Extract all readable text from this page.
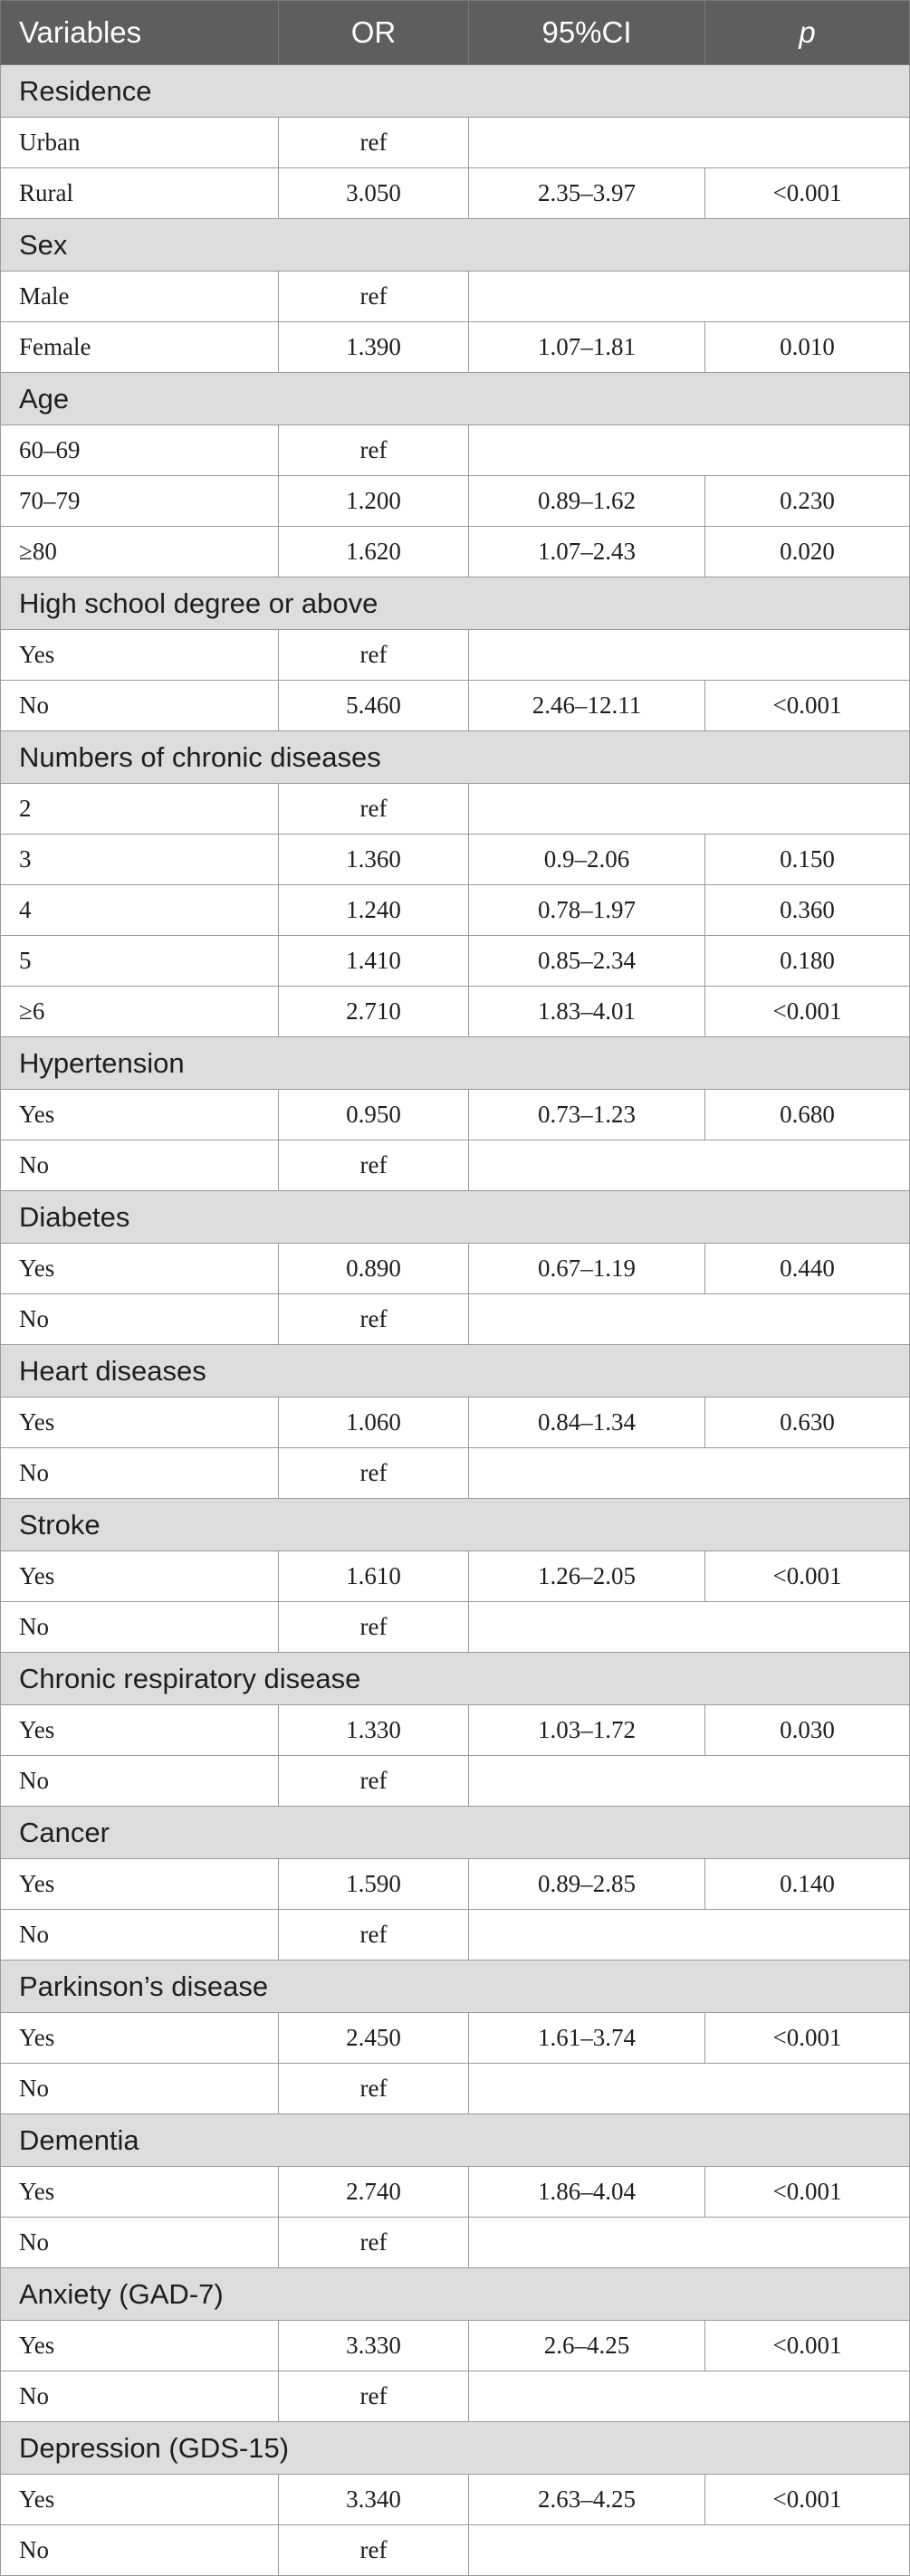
Variables	OR	95%CI	p
Residence			
Urban	ref		
Rural	3.050	2.35–3.97	<0.001
Sex			
Male	ref		
Female	1.390	1.07–1.81	0.010
Age			
60–69	ref		
70–79	1.200	0.89–1.62	0.230
≥80	1.620	1.07–2.43	0.020
High school degree or above			
Yes	ref		
No	5.460	2.46–12.11	<0.001
Numbers of chronic diseases			
2	ref		
3	1.360	0.9–2.06	0.150
4	1.240	0.78–1.97	0.360
5	1.410	0.85–2.34	0.180
≥6	2.710	1.83–4.01	<0.001
Hypertension			
Yes	0.950	0.73–1.23	0.680
No	ref		
Diabetes			
Yes	0.890	0.67–1.19	0.440
No	ref		
Heart diseases			
Yes	1.060	0.84–1.34	0.630
No	ref		
Stroke			
Yes	1.610	1.26–2.05	<0.001
No	ref		
Chronic respiratory disease			
Yes	1.330	1.03–1.72	0.030
No	ref		
Cancer			
Yes	1.590	0.89–2.85	0.140
No	ref		
Parkinson’s disease			
Yes	2.450	1.61–3.74	<0.001
No	ref		
Dementia			
Yes	2.740	1.86–4.04	<0.001
No	ref		
Anxiety (GAD-7)			
Yes	3.330	2.6–4.25	<0.001
No	ref		
Depression (GDS-15)			
Yes	3.340	2.63–4.25	<0.001
No	ref		
